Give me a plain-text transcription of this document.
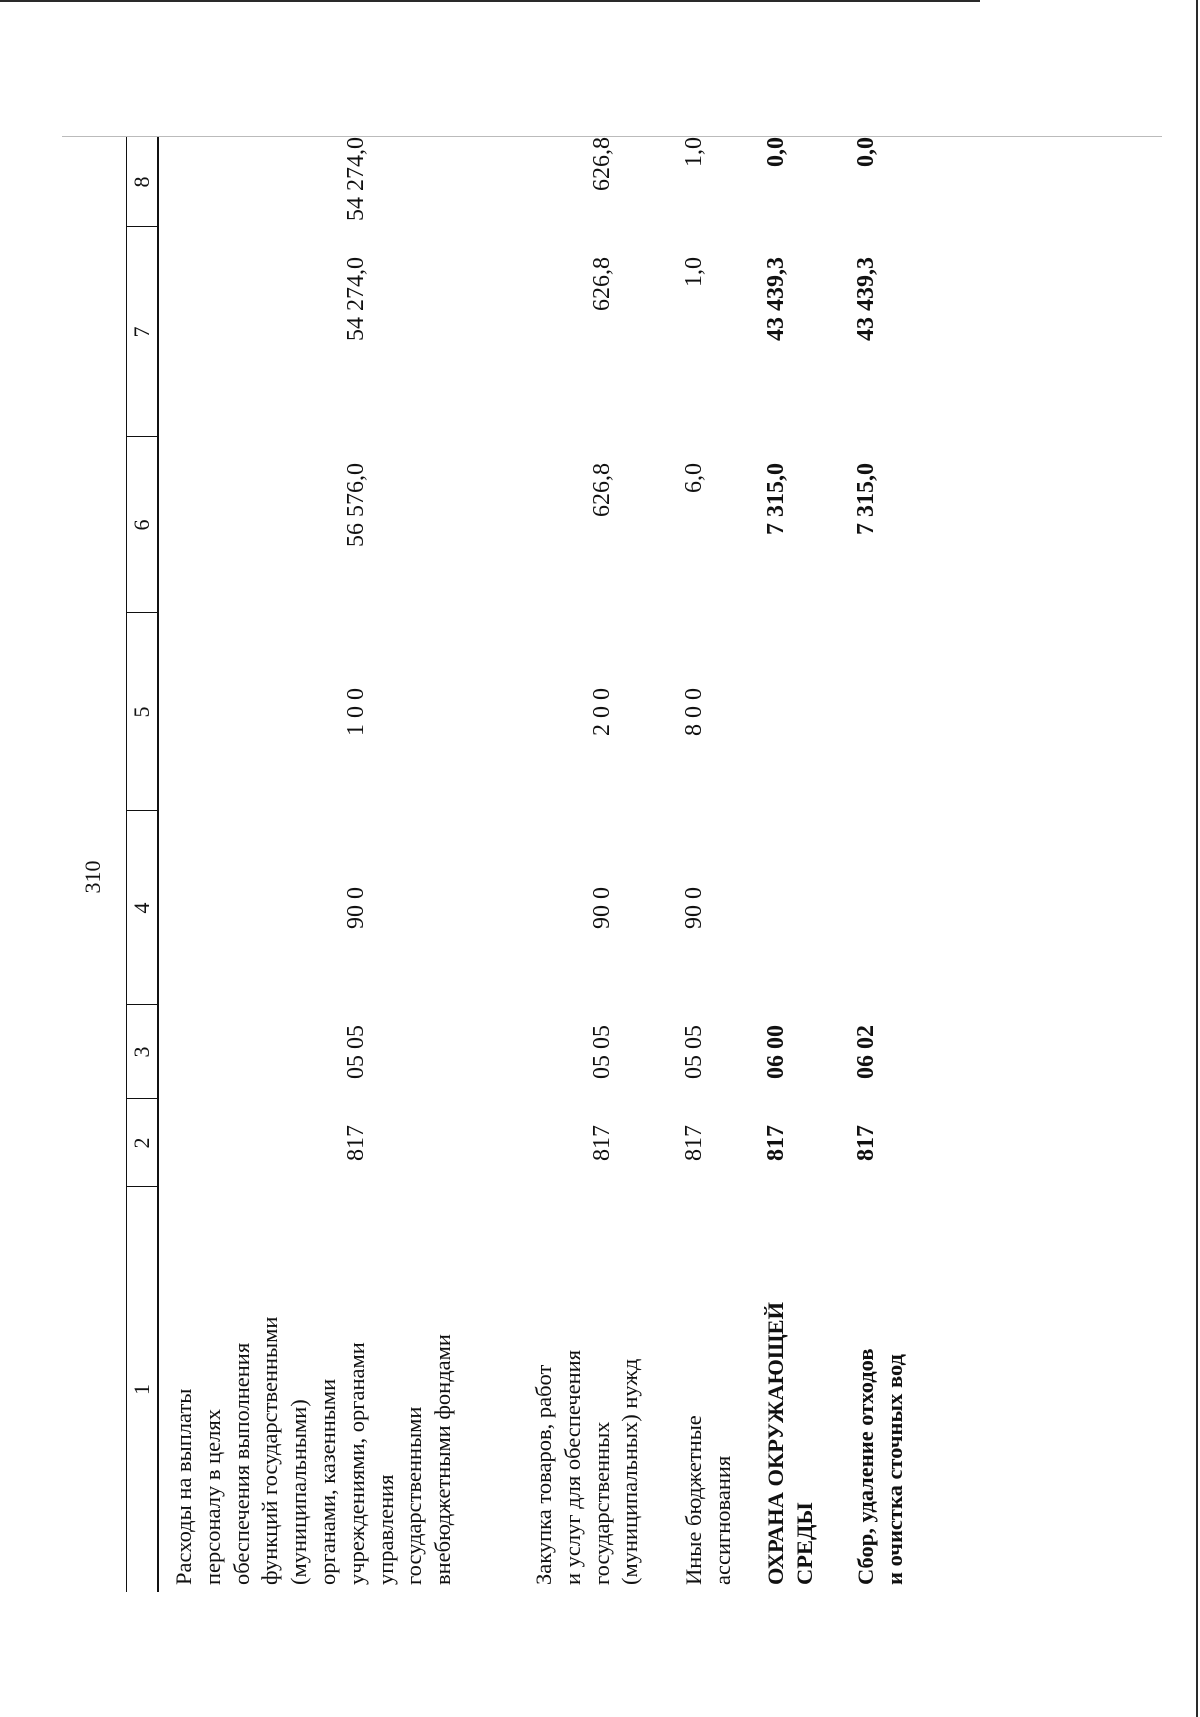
310
1
2
3
4
5
6
7
8
Расходы на выплаты
персоналу в целях
обеспечения выполнения
функций государственными
(муниципальными)
органами, казенными
учреждениями, органами
управления
государственными
внебюджетными фондами
817
05 05
90 0
1 0 0
56 576,0
54 274,0
54 274,0
Закупка товаров, работ
и услуг для обеспечения
государственных
(муниципальных) нужд
817
05 05
90 0
2 0 0
626,8
626,8
626,8
Иные бюджетные
ассигнования
817
05 05
90 0
8 0 0
6,0
1,0
1,0
ОХРАНА ОКРУЖАЮЩЕЙ
СРЕДЫ
817
06 00
7 315,0
43 439,3
0,0
Сбор, удаление отходов
и очистка сточных вод
817
06 02
7 315,0
43 439,3
0,0
